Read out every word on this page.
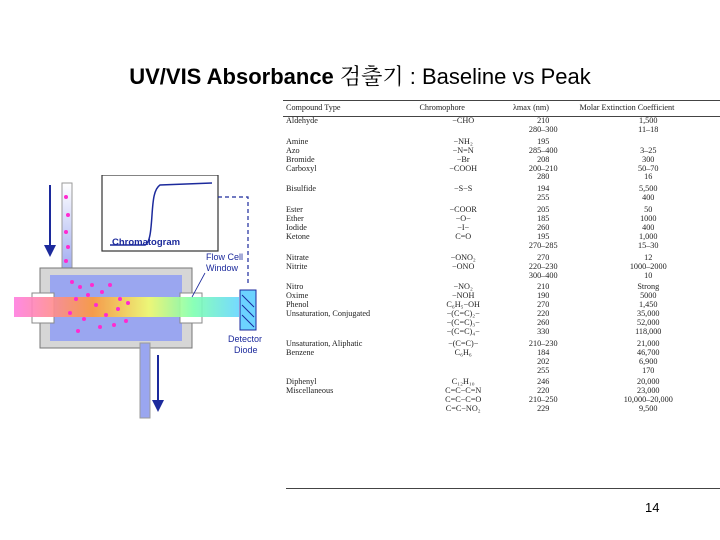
UV/VIS Absorbance 검출기 : Baseline vs Peak
Chromatogram
Flow Cell
Window
Detector
Diode
Compound Type	Chromophore	λmax (nm)	Molar Extinction Coefficient
Aldehyde	−CHO	210	1,500
		280–300	11–18
Amine	−NH₂	195	
Azo	−N=N	285–400	3–25
Bromide	−Br	208	300
Carboxyl	−COOH	200–210	50–70
		280	16
Bisulfide	−S−S	194	5,500
		255	400
Ester	−COOR	205	50
Ether	−O−	185	1000
Iodide	−I−	260	400
Ketone	C=O	195	1,000
		270–285	15–30
Nitrate	−ONO₂	270	12
Nitrite	−ONO	220–230	1000–2000
		300–400	10
Nitro	−NO₂	210	Strong
Oxime	−NOH	190	5000
Phenol	C₆H₅−OH	270	1,450
Unsaturation, Conjugated	−(C=C)₂−	220	35,000
	−(C=C)₃−	260	52,000
	−(C=C)₄−	330	118,000
Unsaturation, Aliphatic	−(C=C)−	210–230	21,000
Benzene	C₆H₆	184	46,700
		202	6,900
		255	170
Diphenyl	C₁₂H₁₀	246	20,000
Miscellaneous	C=C−C=N	220	23,000
	C=C−C=O	210–250	10,000–20,000
	C=C−NO₂	229	9,500
14
